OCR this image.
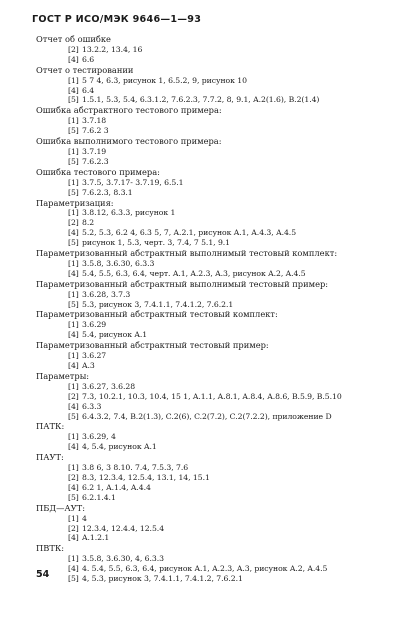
ГОСТ Р ИСО/МЭК 9646—1—93
Отчет об ошибке
[2] 13.2.2, 13.4, 16
[4] 6.6
Отчет о тестировании
[1] 5 7 4, 6.3, рисунок 1, 6.5.2, 9, рисунок 10
[4] 6.4
[5] 1.5.1, 5.3, 5.4, 6.3.1.2, 7.6.2.3, 7.7.2, 8, 9.1, A.2(1.6), B.2(1.4)
Ошибка абстрактного тестового примера:
[1] 3.7.18
[5] 7.6.2 3
Ошибка выполнимого тестового примера:
[1] 3.7.19
[5] 7.6.2.3
Ошибка тестового примера:
[1] 3.7.5, 3.7.17- 3.7.19, 6.5.1
[5] 7.6.2.3, 8.3.1
Параметризация:
[1] 3.8.12, 6.3.3, рисунок 1
[2] 8.2
[4] 5.2, 5.3, 6.2 4, 6.3 5, 7, A.2.1, рисунок A.1, A.4.3, A.4.5
[5] рисунок 1, 5.3, черт. 3, 7.4, 7 5.1, 9.1
Параметризованный абстрактный выполнимый тестовый комплект:
[1] 3.5.8, 3.6.30, 6.3.3
[4] 5.4, 5.5, 6.3, 6.4, черт. A.1, A.2.3, A.3, рисунок A.2, A.4.5
Параметризованный абстрактный выполнимый тестовый пример:
[1] 3.6.28, 3.7.3
[5] 5.3, рисунок 3, 7.4.1.1, 7.4.1.2, 7.6.2.1
Параметризованный абстрактный тестовый комплект:
[1] 3.6.29
[4] 5.4, рисунок A.1
Параметризованный абстрактный тестовый пример:
[1] 3.6.27
[4] A.3
Параметры:
[1] 3.6.27, 3.6.28
[2] 7.3, 10.2.1, 10.3, 10.4, 15 1, A.1.1, A.8.1, A.8.4, A.8.6, B.5.9, B.5.10
[4] 6.3.3
[5] 6.4.3.2, 7.4, B.2(1.3), C.2(6), C.2(7.2), C.2(7.2.2), приложение D
ПАТК:
[1] 3.6.29, 4
[4] 4, 5.4, рисунок A.1
ПАУТ:
[1] 3.8 6, 3 8.10. 7.4, 7.5.3, 7.6
[2] 8.3, 12.3.4, 12.5.4, 13.1, 14, 15.1
[4] 6.2 1, A.1.4, A.4.4
[5] 6.2.1.4.1
ПБД—АУТ:
[1] 4
[2] 12.3.4, 12.4.4, 12.5.4
[4] A.1.2.1
ПВТК:
[1] 3.5.8, 3.6.30, 4, 6.3.3
[4] 4. 5.4, 5.5, 6.3, 6.4, рисунок A.1, A.2.3, A.3, рисунок A.2, A.4.5
[5] 4, 5.3, рисунок 3, 7.4.1.1, 7.4.1.2, 7.6.2.1
54
